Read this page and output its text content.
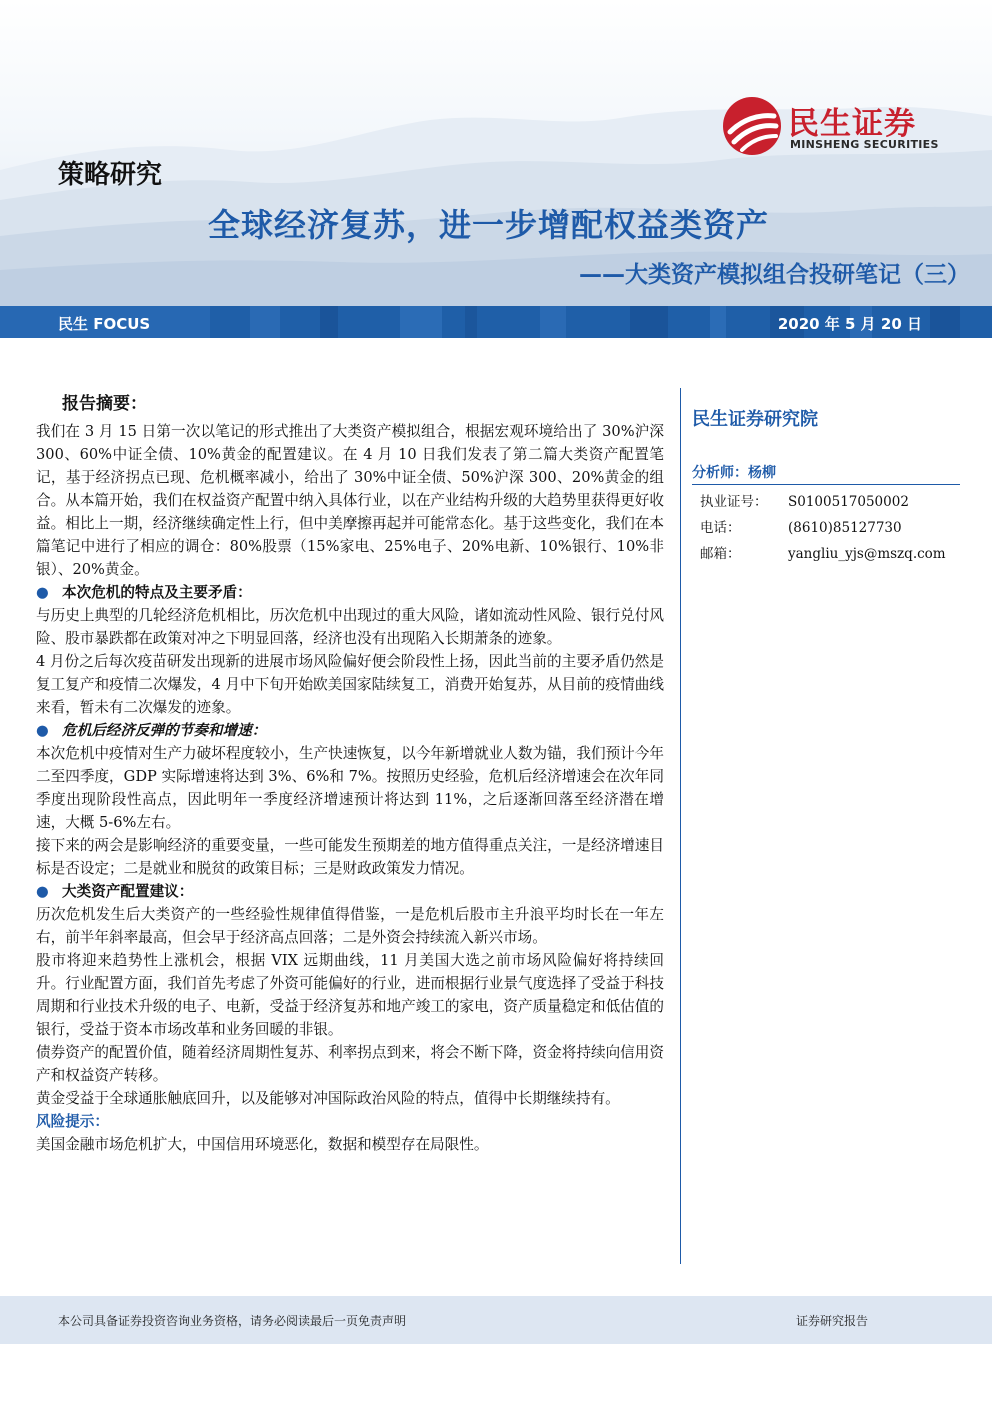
民生证券
MINSHENG SECURITIES
策略研究
全球经济复苏，进一步增配权益类资产
——大类资产模拟组合投研笔记（三）
民生 FOCUS	2020 年 5 月 20 日
报告摘要：

我们在 3 月 15 日第一次以笔记的形式推出了大类资产模拟组合，根据宏观环境给出了 30%沪深 300、60%中证全债、10%黄金的配置建议。在 4 月 10 日我们发表了第二篇大类资产配置笔记，基于经济拐点已现、危机概率减小，给出了 30%中证全债、50%沪深 300、20%黄金的组合。从本篇开始，我们在权益资产配置中纳入具体行业，以在产业结构升级的大趋势里获得更好收益。相比上一期，经济继续确定性上行，但中美摩擦再起并可能常态化。基于这些变化，我们在本篇笔记中进行了相应的调仓：80%股票（15%家电、25%电子、20%电新、10%银行、10%非银）、20%黄金。

● 本次危机的特点及主要矛盾：

与历史上典型的几轮经济危机相比，历次危机中出现过的重大风险，诸如流动性风险、银行兑付风险、股市暴跌都在政策对冲之下明显回落，经济也没有出现陷入长期萧条的迹象。

4 月份之后每次疫苗研发出现新的进展市场风险偏好便会阶段性上扬，因此当前的主要矛盾仍然是复工复产和疫情二次爆发，4 月中下旬开始欧美国家陆续复工，消费开始复苏，从目前的疫情曲线来看，暂未有二次爆发的迹象。

● 危机后经济反弹的节奏和增速：

本次危机中疫情对生产力破坏程度较小，生产快速恢复，以今年新增就业人数为锚，我们预计今年二至四季度，GDP 实际增速将达到 3%、6%和 7%。按照历史经验，危机后经济增速会在次年同季度出现阶段性高点，因此明年一季度经济增速预计将达到 11%，之后逐渐回落至经济潜在增速，大概 5-6%左右。

接下来的两会是影响经济的重要变量，一些可能发生预期差的地方值得重点关注，一是经济增速目标是否设定；二是就业和脱贫的政策目标；三是财政政策发力情况。

● 大类资产配置建议：

历次危机发生后大类资产的一些经验性规律值得借鉴，一是危机后股市主升浪平均时长在一年左右，前半年斜率最高，但会早于经济高点回落；二是外资会持续流入新兴市场。

股市将迎来趋势性上涨机会，根据 VIX 远期曲线，11 月美国大选之前市场风险偏好将持续回升。行业配置方面，我们首先考虑了外资可能偏好的行业，进而根据行业景气度选择了受益于科技周期和行业技术升级的电子、电新，受益于经济复苏和地产竣工的家电，资产质量稳定和低估值的银行，受益于资本市场改革和业务回暖的非银。

债券资产的配置价值，随着经济周期性复苏、利率拐点到来，将会不断下降，资金将持续向信用资产和权益资产转移。

黄金受益于全球通胀触底回升，以及能够对冲国际政治风险的特点，值得中长期继续持有。

风险提示：

美国金融市场危机扩大，中国信用环境恶化，数据和模型存在局限性。

民生证券研究院
分析师：杨柳
执业证号： S0100517050002
电话：	(8610)85127730
邮箱：	yangliu_yjs@mszq.com
本公司具备证券投资咨询业务资格，请务必阅读最后一页免责声明	证券研究报告
